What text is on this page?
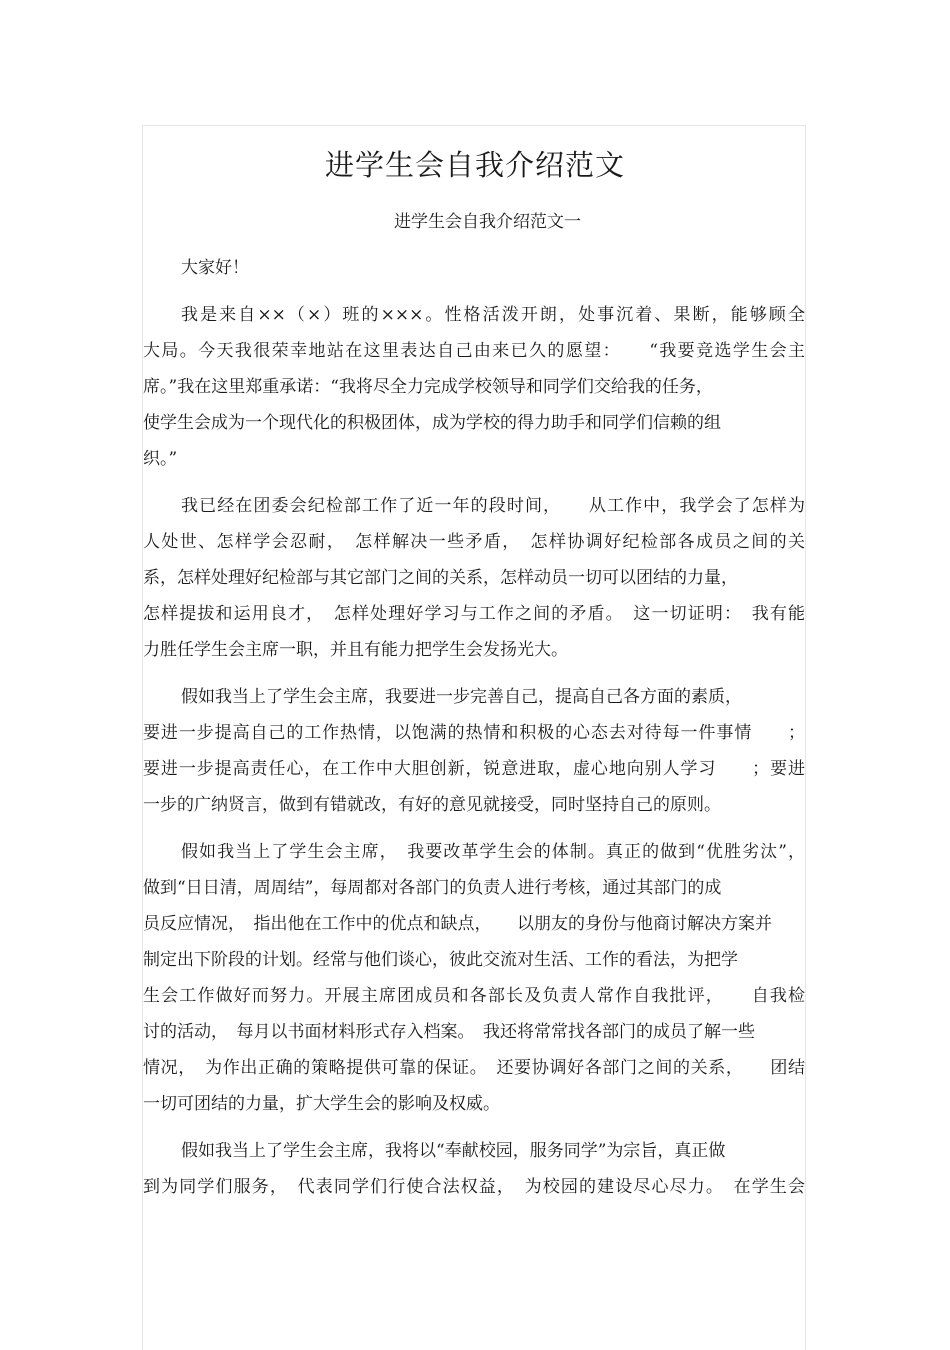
进学生会自我介绍范文
进学生会自我介绍范文一
大家好！
我是来自××（×）班的×××。性格活泼开朗，处事沉着、果断，能够顾全
大局。今天我很荣幸地站在这里表达自己由来已久的愿望：　　“我要竞选学生会主
席。”我在这里郑重承诺：“我将尽全力完成学校领导和同学们交给我的任务，
使学生会成为一个现代化的积极团体，成为学校的得力助手和同学们信赖的组
织。”
我已经在团委会纪检部工作了近一年的段时间，　　从工作中，我学会了怎样为
人处世、怎样学会忍耐，　怎样解决一些矛盾，　怎样协调好纪检部各成员之间的关
系，怎样处理好纪检部与其它部门之间的关系，怎样动员一切可以团结的力量，
怎样提拔和运用良才，　怎样处理好学习与工作之间的矛盾。　这一切证明：　我有能
力胜任学生会主席一职，并且有能力把学生会发扬光大。
假如我当上了学生会主席，我要进一步完善自己，提高自己各方面的素质，
要进一步提高自己的工作热情，以饱满的热情和积极的心态去对待每一件事情　　；
要进一步提高责任心，在工作中大胆创新，锐意进取，虚心地向别人学习　　；要进
一步的广纳贤言，做到有错就改，有好的意见就接受，同时坚持自己的原则。
假如我当上了学生会主席，　我要改革学生会的体制。真正的做到“优胜劣汰”，
做到“日日清，周周结”，每周都对各部门的负责人进行考核，通过其部门的成
员反应情况，　指出他在工作中的优点和缺点，　　以朋友的身份与他商讨解决方案并
制定出下阶段的计划。经常与他们谈心，彼此交流对生活、工作的看法，为把学
生会工作做好而努力。开展主席团成员和各部长及负责人常作自我批评，　　自我检
讨的活动，　每月以书面材料形式存入档案。　我还将常常找各部门的成员了解一些
情况，　为作出正确的策略提供可靠的保证。　还要协调好各部门之间的关系，　　团结
一切可团结的力量，扩大学生会的影响及权威。
假如我当上了学生会主席，我将以“奉献校园，服务同学”为宗旨，真正做
到为同学们服务，　代表同学们行使合法权益，　为校园的建设尽心尽力。　在学生会
